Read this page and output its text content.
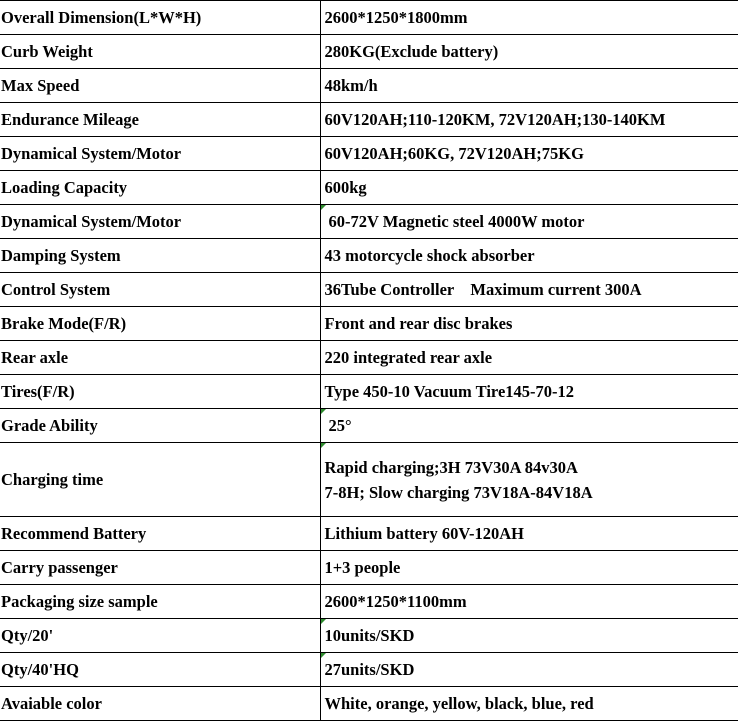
Overall Dimension(L*W*H)	2600*1250*1800mm
Curb Weight	280KG(Exclude battery)
Max Speed	48km/h
Endurance Mileage	60V120AH;110-120KM, 72V120AH;130-140KM
Dynamical System/Motor	60V120AH;60KG, 72V120AH;75KG
Loading Capacity	600kg
Dynamical System/Motor	60-72V Magnetic steel 4000W motor
Damping System	43 motorcycle shock absorber
Control System	36Tube Controller    Maximum current 300A
Brake Mode(F/R)	Front and rear disc brakes
Rear axle	220 integrated rear axle
Tires(F/R)	Type 450-10 Vacuum Tire145-70-12
Grade Ability	25°
Charging time	Rapid charging;3H 73V30A 84v30A
7-8H; Slow charging 73V18A-84V18A

Recommend Battery	Lithium battery 60V-120AH
Carry passenger	1+3 people
Packaging size sample	2600*1250*1100mm
Qty/20'	10units/SKD
Qty/40'HQ	27units/SKD
Avaiable color	White, orange, yellow, black, blue, red
